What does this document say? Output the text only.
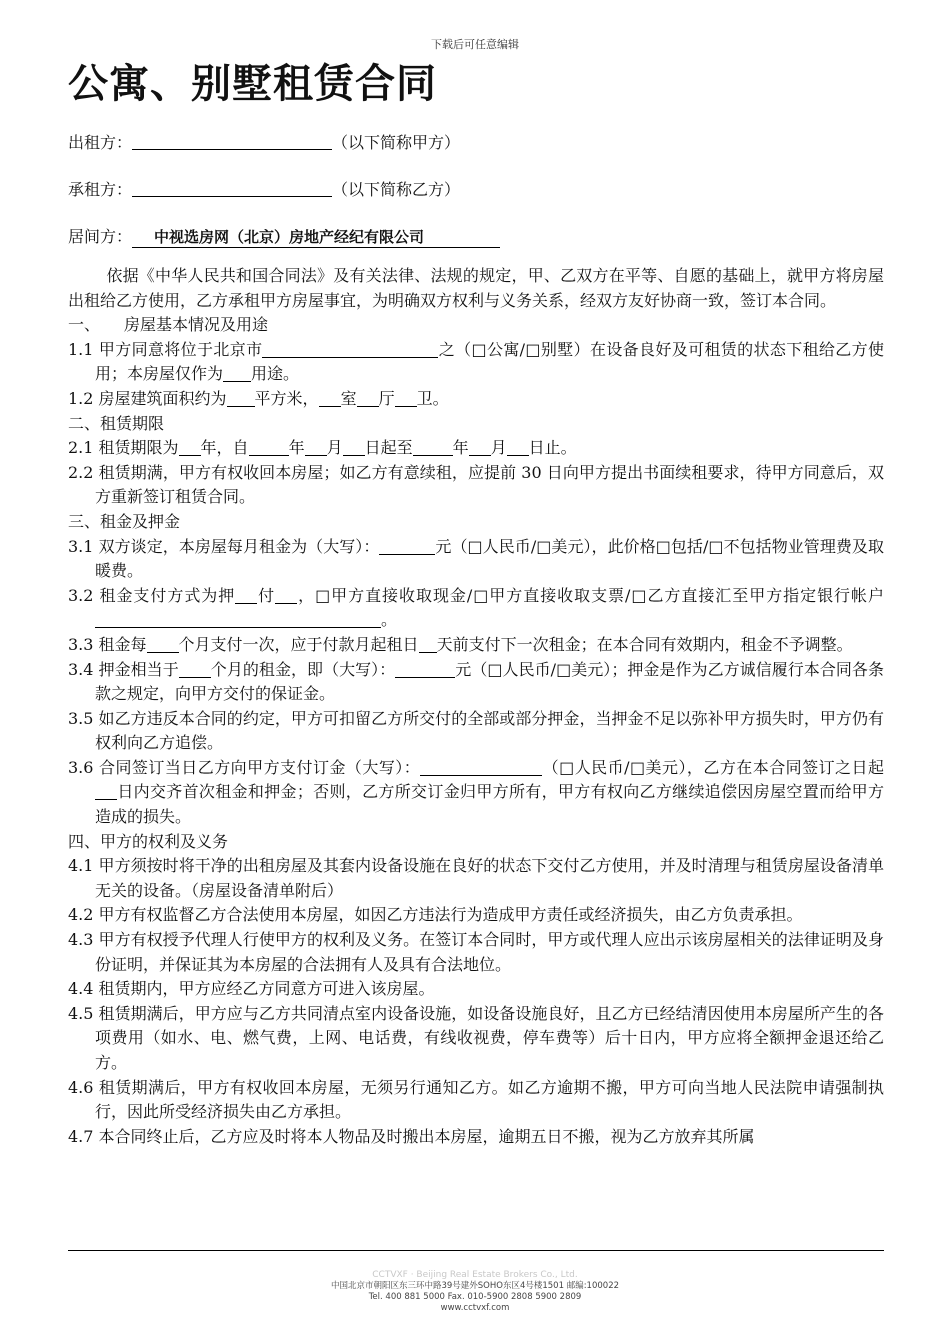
下载后可任意编辑
公寓、别墅租赁合同
出租方：	（以下简称甲方）
承租方：	（以下简称乙方）
居间方： 中视选房网（北京）房地产经纪有限公司

依据《中华人民共和国合同法》及有关法律、法规的规定，甲、乙双方在平等、自愿的基础上，就甲方将房屋出租给乙方使用，乙方承租甲方房屋事宜，为明确双方权利与义务关系，经双方友好协商一致，签订本合同。

一、　　房屋基本情况及用途

1.1 甲方同意将位于北京市	之（□公寓/□别墅）在设备良好及可租赁的状态下租给乙方使用；本房屋仅作为 用途。

1.2 房屋建筑面积约为 平方米， 室 厅 卫。

二、租赁期限

2.1 租赁期限为 年，自	年 月 日起至	年 月 日止。

2.2 租赁期满，甲方有权收回本房屋；如乙方有意续租，应提前 30 日向甲方提出书面续租要求，待甲方同意后，双方重新签订租赁合同。

三、租金及押金

3.1 双方谈定，本房屋每月租金为（大写）：	元（□人民币/□美元），此价格□包括/□不包括物业管理费及取暖费。

3.2 租金支付方式为押 付 ，□甲方直接收取现金/□甲方直接收取支票/□乙方直接汇至甲方指定银行帐户。

3.3 租金每 个月支付一次，应于付款月起租日 天前支付下一次租金；在本合同有效期内，租金不予调整。

3.4 押金相当于 个月的租金，即（大写）：	元（□人民币/□美元）；押金是作为乙方诚信履行本合同各条款之规定，向甲方交付的保证金。

3.5 如乙方违反本合同的约定，甲方可扣留乙方所交付的全部或部分押金，当押金不足以弥补甲方损失时，甲方仍有权利向乙方追偿。

3.6 合同签订当日乙方向甲方支付订金（大写）：	（□人民币/□美元），乙方在本合同签订之日起日内交齐首次租金和押金；否则，乙方所交订金归甲方所有，甲方有权向乙方继续追偿因房屋空置而给甲方造成的损失。

四、甲方的权利及义务

4.1 甲方须按时将干净的出租房屋及其套内设备设施在良好的状态下交付乙方使用，并及时清理与租赁房屋设备清单无关的设备。（房屋设备清单附后）

4.2 甲方有权监督乙方合法使用本房屋，如因乙方违法行为造成甲方责任或经济损失，由乙方负责承担。

4.3 甲方有权授予代理人行使甲方的权利及义务。在签订本合同时，甲方或代理人应出示该房屋相关的法律证明及身份证明，并保证其为本房屋的合法拥有人及具有合法地位。

4.4 租赁期内，甲方应经乙方同意方可进入该房屋。

4.5 租赁期满后，甲方应与乙方共同清点室内设备设施，如设备设施良好，且乙方已经结清因使用本房屋所产生的各项费用（如水、电、燃气费，上网、电话费，有线收视费，停车费等）后十日内，甲方应将全额押金退还给乙方。

4.6 租赁期满后，甲方有权收回本房屋，无须另行通知乙方。如乙方逾期不搬，甲方可向当地人民法院申请强制执行，因此所受经济损失由乙方承担。

4.7 本合同终止后，乙方应及时将本人物品及时搬出本房屋，逾期五日不搬，视为乙方放弃其所属

CCTVXF · Beijing Real Estate Brokers Co., Ltd.
中国北京市朝阳区东三环中路39号建外SOHO东区4号楼1501 邮编:100022
Tel. 400 881 5000 Fax. 010-5900 2808 5900 2809
www.cctvxf.com
